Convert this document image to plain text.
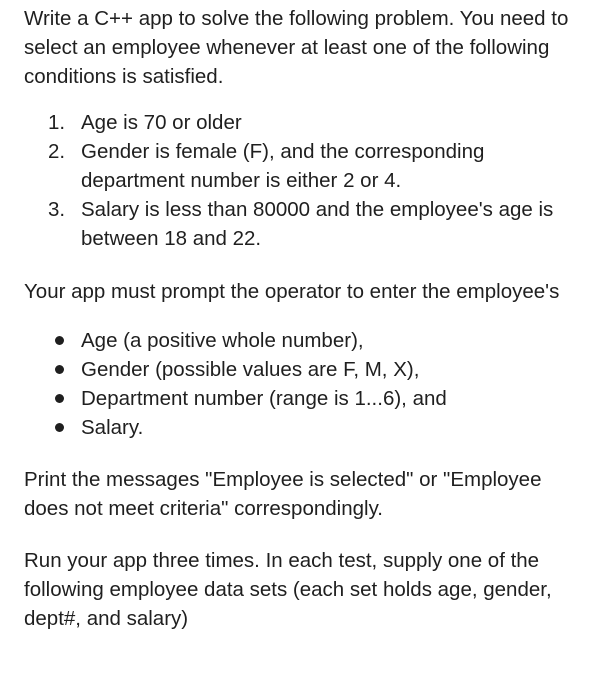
Write a C++ app to solve the following problem. You need to select an employee whenever at least one of the following conditions is satisfied.

1. Age is 70 or older
2. Gender is female (F), and the corresponding department number is either 2 or 4.
3. Salary is less than 80000 and the employee's age is between 18 and 22.

Your app must prompt the operator to enter the employee's

Age (a positive whole number),
Gender (possible values are F, M, X),
Department number (range is 1...6), and
Salary.

Print the messages "Employee is selected" or "Employee does not meet criteria" correspondingly.

Run your app three times. In each test, supply one of the following employee data sets (each set holds age, gender, dept#, and salary)
